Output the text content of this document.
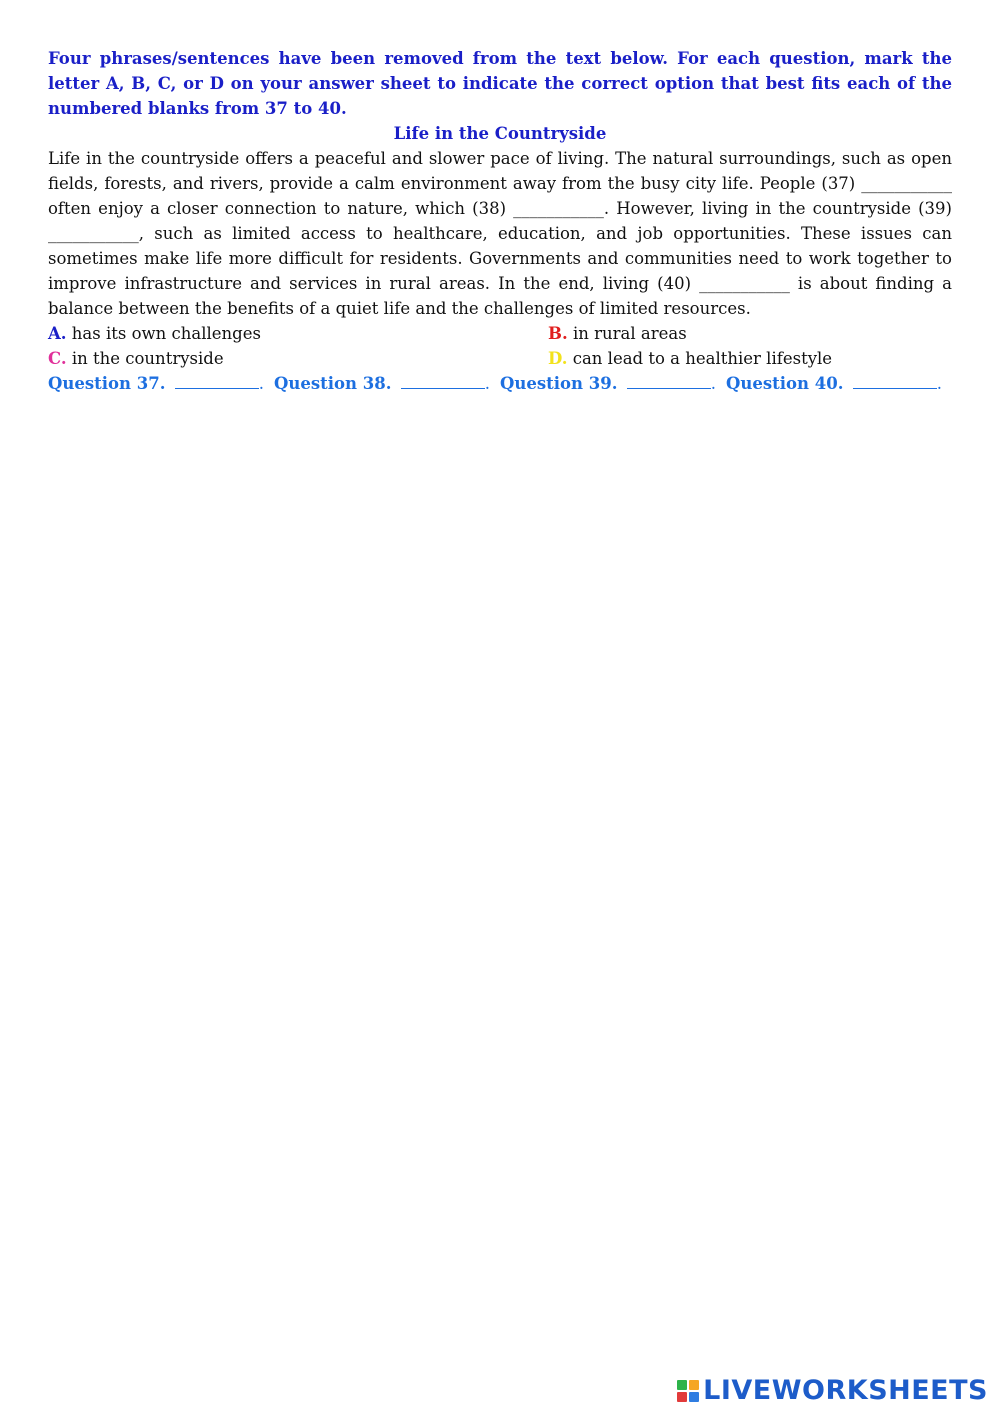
Four phrases/sentences have been removed from the text below. For each question, mark the letter A, B, C, or D on your answer sheet to indicate the correct option that best fits each of the numbered blanks from 37 to 40.

Life in the Countryside

Life in the countryside offers a peaceful and slower pace of living. The natural surroundings, such as open fields, forests, and rivers, provide a calm environment away from the busy city life. People (37) ___________ often enjoy a closer connection to nature, which (38) ___________. However, living in the countryside (39) ___________, such as limited access to healthcare, education, and job opportunities. These issues can sometimes make life more difficult for residents. Governments and communities need to work together to improve infrastructure and services in rural areas. In the end, living (40) ___________ is about finding a balance between the benefits of a quiet life and the challenges of limited resources.

A. has its own challenges	B. in rural areas
C. in the countryside	D. can lead to a healthier lifestyle
Question 37.	. Question 38.	. Question 39.	. Question 40.	.
LIVEWORKSHEETS
